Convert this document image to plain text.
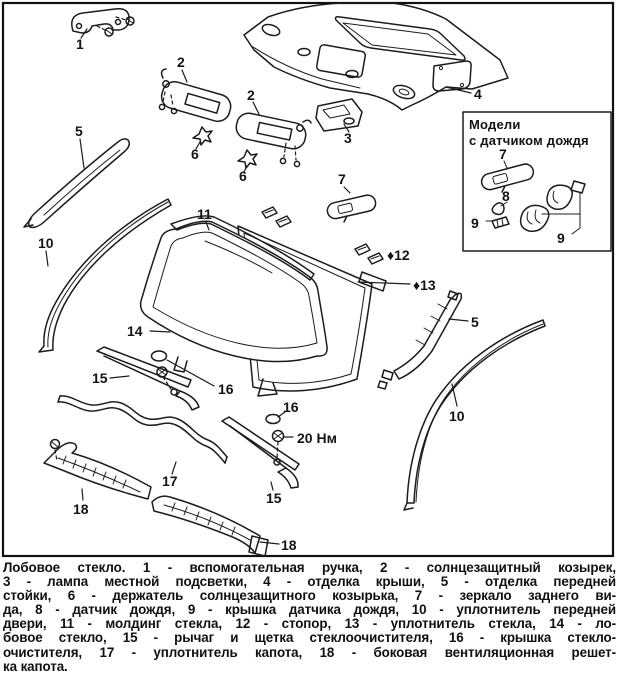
1
2
2
3
4
5
6
6	7
10
11
♦12
♦13
14
15
16
16
20 Нм
17
18
15
18
5
10
Модели
с датчиком дождя
7
8
9
9
Лобовое стекло. 1 - вспомогательная ручка, 2 - солнцезащитный козырек,
3 - лампа местной подсветки, 4 - отделка крыши, 5 - отделка передней
стойки, 6 - держатель солнцезащитного козырька, 7 - зеркало заднего ви-
да, 8 - датчик дождя, 9 - крышка датчика дождя, 10 - уплотнитель передней
двери, 11 - молдинг стекла, 12 - стопор, 13 - уплотнитель стекла, 14 - ло-
бовое стекло, 15 - рычаг и щетка стеклоочистителя, 16 - крышка стекло-
очистителя, 17 - уплотнитель капота, 18 - боковая вентиляционная решет-
ка капота.
